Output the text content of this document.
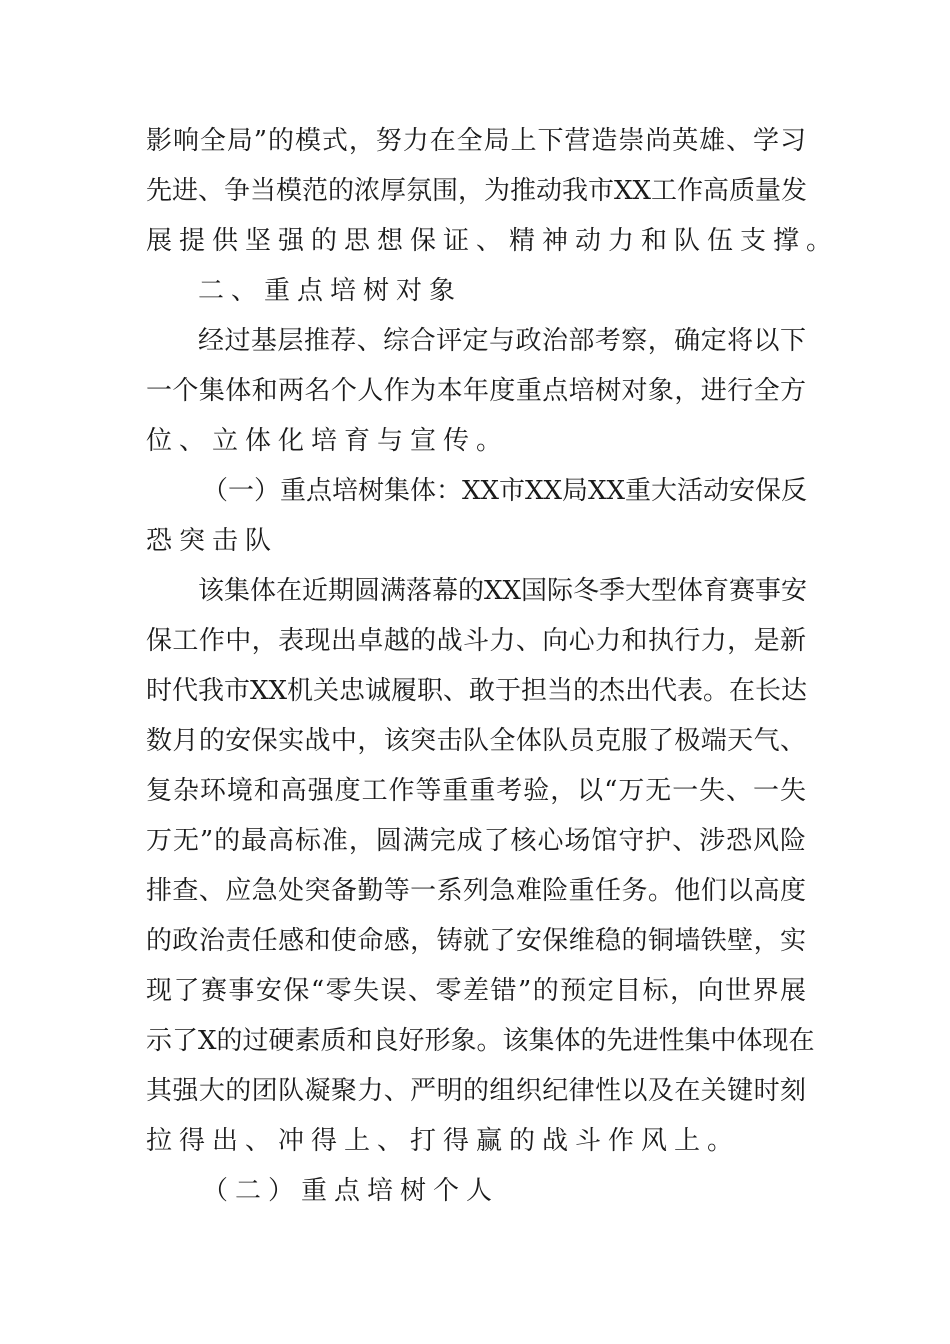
影响全局”的模式，努力在全局上下营造崇尚英雄、学习
先进、争当模范的浓厚氛围，为推动我市XX工作高质量发
展提供坚强的思想保证、精神动力和队伍支撑。
二、重点培树对象
经过基层推荐、综合评定与政治部考察，确定将以下
一个集体和两名个人作为本年度重点培树对象，进行全方
位、立体化培育与宣传。
（一）重点培树集体：XX市XX局XX重大活动安保反
恐突击队
该集体在近期圆满落幕的XX国际冬季大型体育赛事安
保工作中，表现出卓越的战斗力、向心力和执行力，是新
时代我市XX机关忠诚履职、敢于担当的杰出代表。在长达
数月的安保实战中，该突击队全体队员克服了极端天气、
复杂环境和高强度工作等重重考验，以“万无一失、一失
万无”的最高标准，圆满完成了核心场馆守护、涉恐风险
排查、应急处突备勤等一系列急难险重任务。他们以高度
的政治责任感和使命感，铸就了安保维稳的铜墙铁壁，实
现了赛事安保“零失误、零差错”的预定目标，向世界展
示了X的过硬素质和良好形象。该集体的先进性集中体现在
其强大的团队凝聚力、严明的组织纪律性以及在关键时刻
拉得出、冲得上、打得赢的战斗作风上。
（二）重点培树个人
